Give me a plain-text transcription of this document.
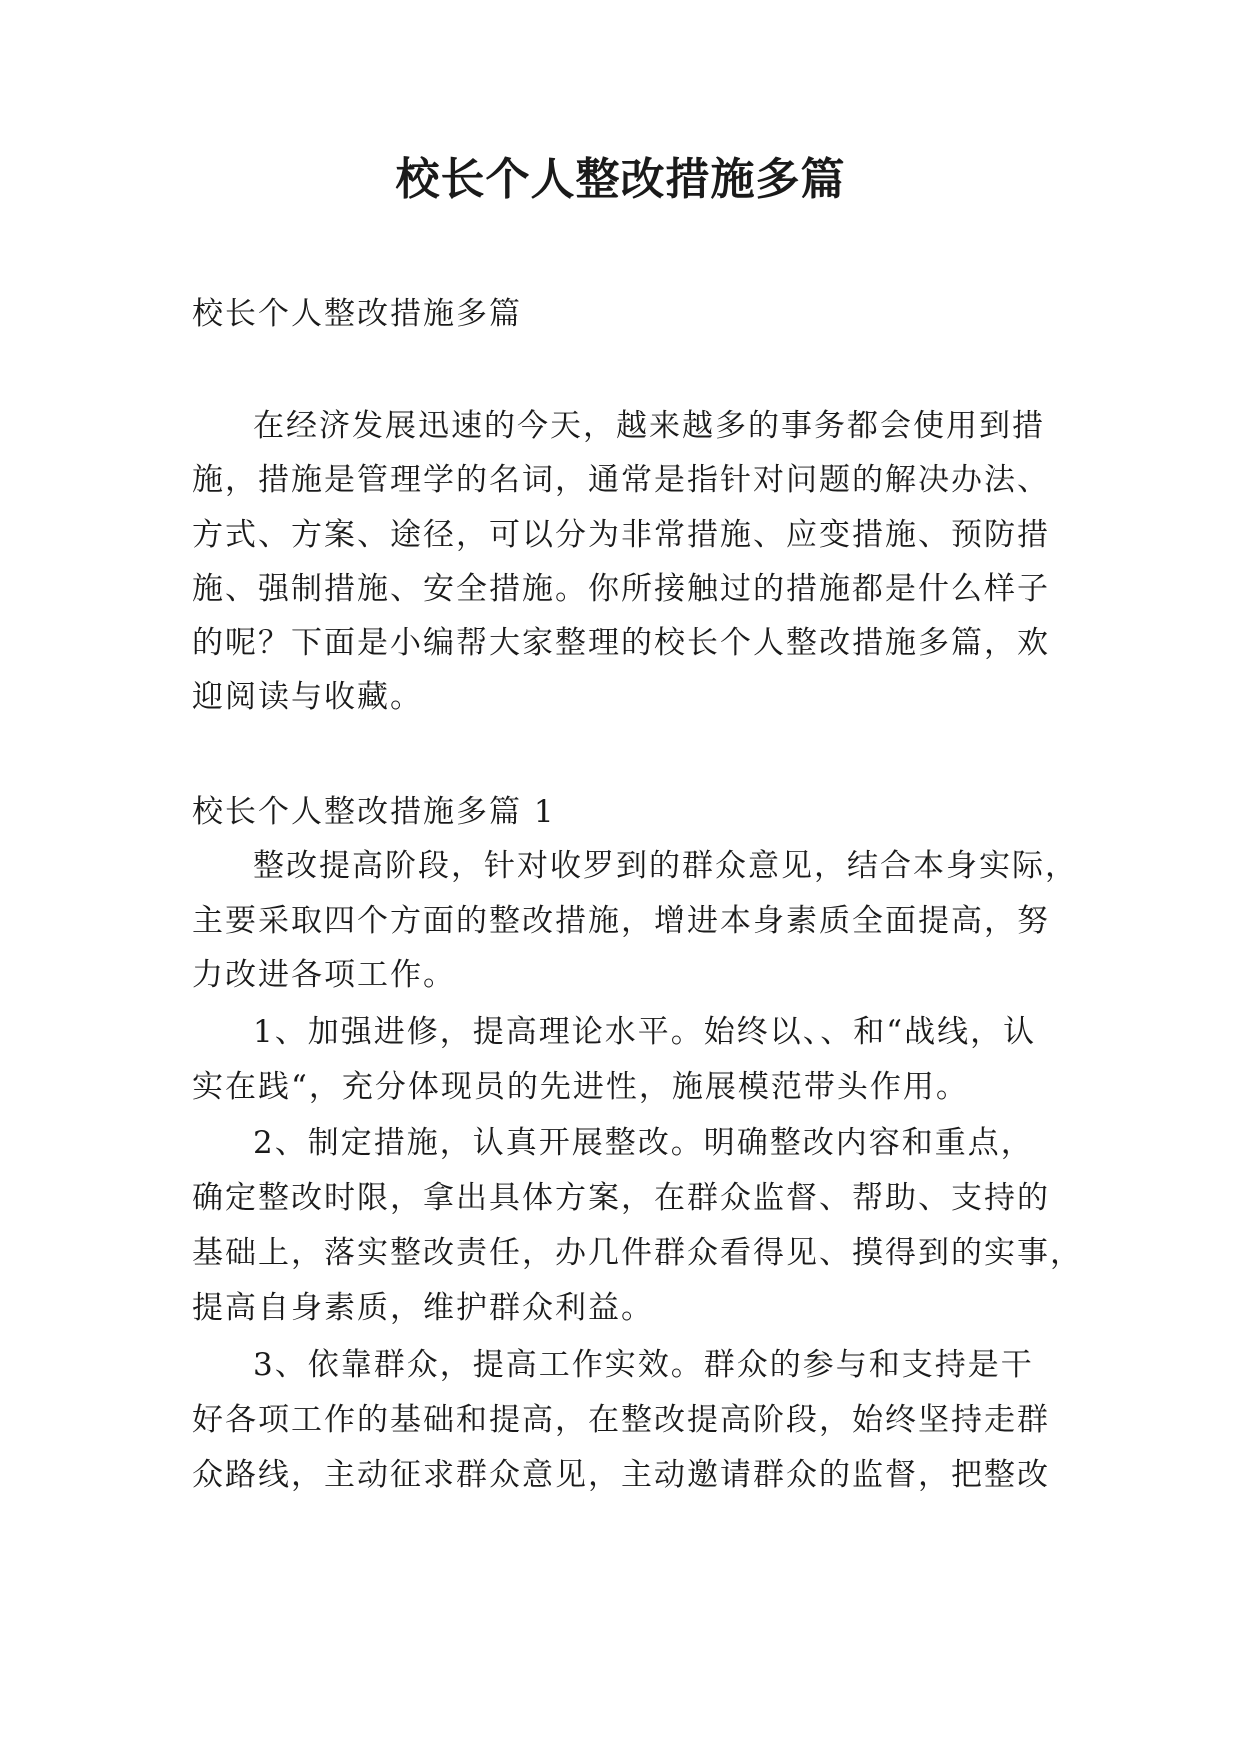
校长个人整改措施多篇
校长个人整改措施多篇
在经济发展迅速的今天，越来越多的事务都会使用到措
施，措施是管理学的名词，通常是指针对问题的解决办法、
方式、方案、途径，可以分为非常措施、应变措施、预防措
施、强制措施、安全措施。你所接触过的措施都是什么样子
的呢？下面是小编帮大家整理的校长个人整改措施多篇，欢
迎阅读与收藏。
校长个人整改措施多篇 1
整改提高阶段，针对收罗到的群众意见，结合本身实际，
主要采取四个方面的整改措施，增进本身素质全面提高，努
力改进各项工作。
1、加强进修，提高理论水平。始终以、、和“战线，认
实在践“，充分体现员的先进性，施展模范带头作用。
2、制定措施，认真开展整改。明确整改内容和重点，
确定整改时限，拿出具体方案，在群众监督、帮助、支持的
基础上，落实整改责任，办几件群众看得见、摸得到的实事，
提高自身素质，维护群众利益。
3、依靠群众，提高工作实效。群众的参与和支持是干
好各项工作的基础和提高，在整改提高阶段，始终坚持走群
众路线，主动征求群众意见，主动邀请群众的监督，把整改
